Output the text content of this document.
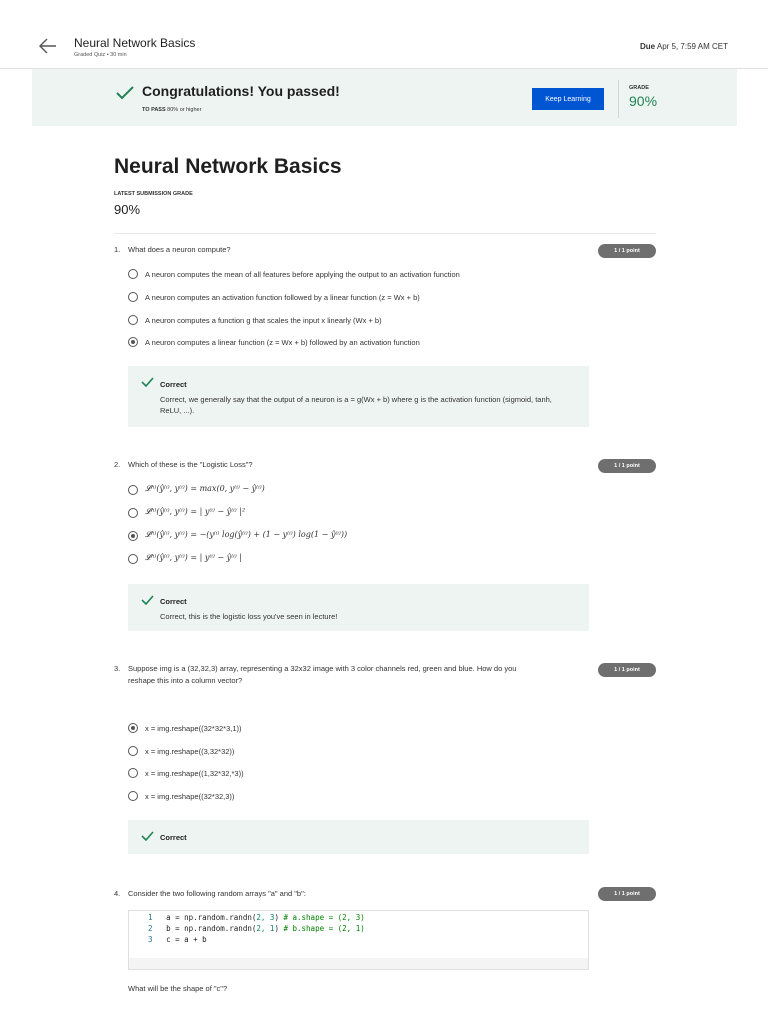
Neural Network Basics
Graded Quiz • 30 min
Due Apr 5, 7:59 AM CET
Congratulations! You passed!
TO PASS 80% or higher
Keep Learning
GRADE
90%
Neural Network Basics
LATEST SUBMISSION GRADE
90%
1. What does a neuron compute?	1 / 1 point
A neuron computes the mean of all features before applying the output to an activation function
A neuron computes an activation function followed by a linear function (z = Wx + b)
A neuron computes a function g that scales the input x linearly (Wx + b)
A neuron computes a linear function (z = Wx + b) followed by an activation function
Correct
Correct, we generally say that the output of a neuron is a = g(Wx + b) where g is the activation function (sigmoid, tanh, ReLU, ...).
2. Which of these is the "Logistic Loss"?	1 / 1 point
𝓛⁽ⁱ⁾(ŷ⁽ⁱ⁾, y⁽ⁱ⁾) = max(0, y⁽ⁱ⁾ − ŷ⁽ⁱ⁾)
𝓛⁽ⁱ⁾(ŷ⁽ⁱ⁾, y⁽ⁱ⁾) = | y⁽ⁱ⁾ − ŷ⁽ⁱ⁾ |²
𝓛⁽ⁱ⁾(ŷ⁽ⁱ⁾, y⁽ⁱ⁾) = −(y⁽ⁱ⁾ log(ŷ⁽ⁱ⁾) + (1 − y⁽ⁱ⁾) log(1 − ŷ⁽ⁱ⁾))
𝓛⁽ⁱ⁾(ŷ⁽ⁱ⁾, y⁽ⁱ⁾) = | y⁽ⁱ⁾ − ŷ⁽ⁱ⁾ |
Correct
Correct, this is the logistic loss you've seen in lecture!
3. Suppose img is a (32,32,3) array, representing a 32x32 image with 3 color channels red, green and blue. How do you
reshape this into a column vector?
1 / 1 point
x = img.reshape((32*32*3,1))
x = img.reshape((3,32*32))
x = img.reshape((1,32*32,*3))
x = img.reshape((32*32,3))
Correct
4. Consider the two following random arrays "a" and "b":	1 / 1 point
1 a = np.random.randn(2, 3) # a.shape = (2, 3)
2 b = np.random.randn(2, 1) # b.shape = (2, 1)
3 c = a + b
What will be the shape of "c"?
